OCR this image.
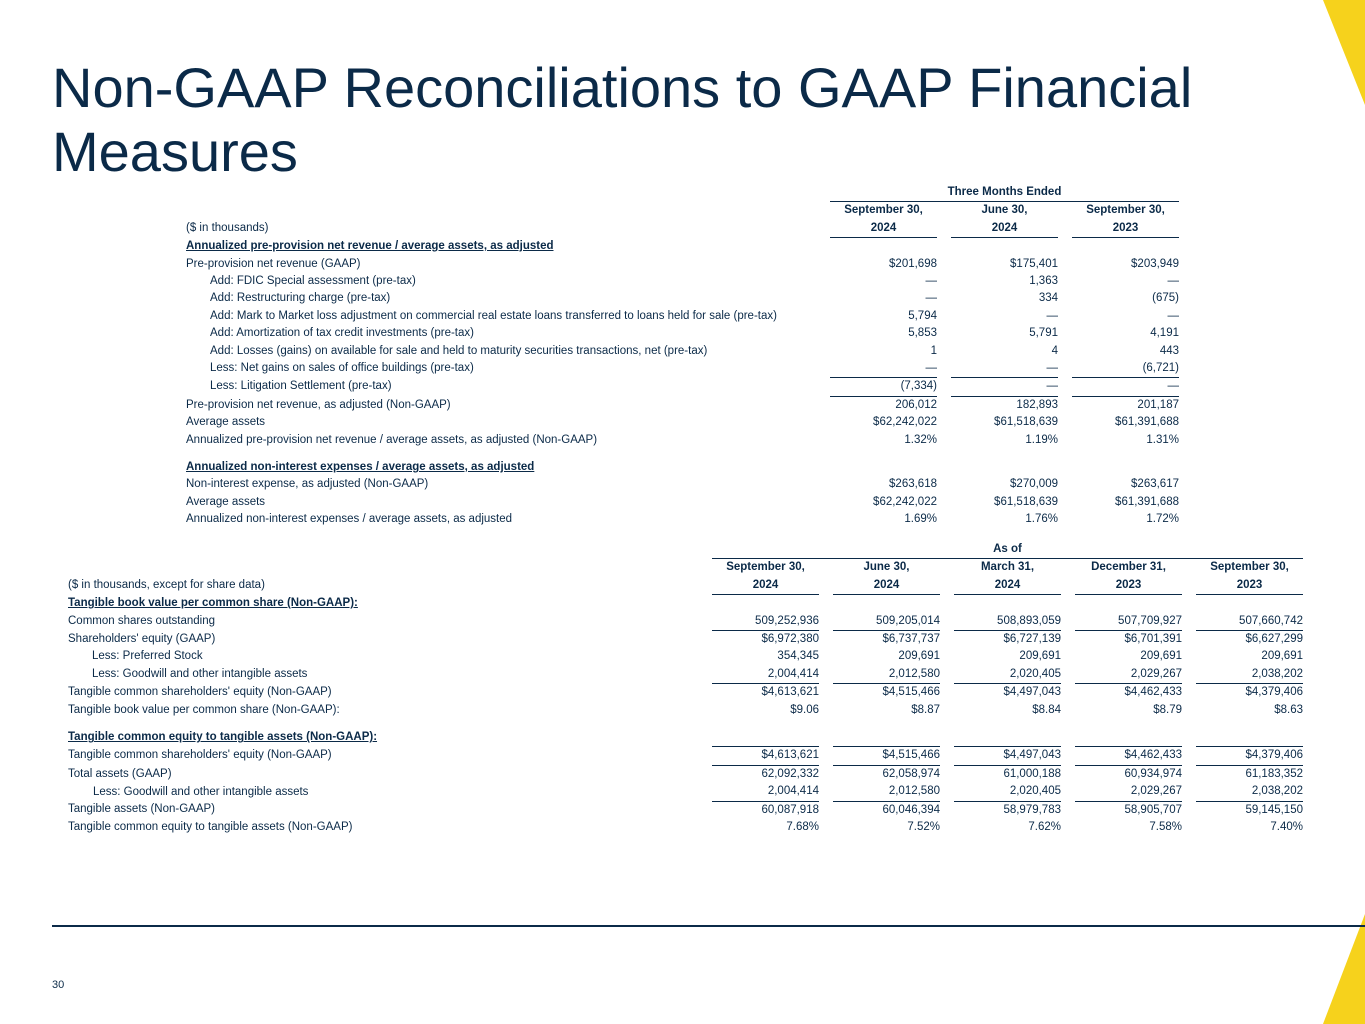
Non-GAAP Reconciliations to GAAP Financial Measures
	Three Months Ended				
	September 30,		June 30,		September 30,
($ in thousands)	2024		2024		2023
Annualized pre-provision net revenue / average assets, as adjusted					
Pre-provision net revenue (GAAP)	$201,698		$175,401		$203,949
Add: FDIC Special assessment (pre-tax)	—		1,363		—
Add: Restructuring charge (pre-tax)	—		334		(675)
Add: Mark to Market loss adjustment on commercial real estate loans transferred to loans held for sale (pre-tax)	5,794		—		—
Add: Amortization of tax credit investments (pre-tax)	5,853		5,791		4,191
Add: Losses (gains) on available for sale and held to maturity securities transactions, net (pre-tax)	1		4		443
Less: Net gains on sales of office buildings (pre-tax)	—		—		(6,721)
Less: Litigation Settlement (pre-tax)	(7,334)		—		—
Pre-provision net revenue, as adjusted (Non-GAAP)	206,012		182,893		201,187
Average assets	$62,242,022		$61,518,639		$61,391,688
Annualized pre-provision net revenue / average assets, as adjusted (Non-GAAP)	1.32%		1.19%		1.31%

Annualized non-interest expenses / average assets, as adjusted					
Non-interest expense, as adjusted (Non-GAAP)	$263,618		$270,009		$263,617
Average assets	$62,242,022		$61,518,639		$61,391,688
Annualized non-interest expenses / average assets, as adjusted	1.69%		1.76%		1.72%
	As of								
	September 30,		June 30,		March 31,		December 31,		September 30,
($ in thousands, except for share data)	2024		2024		2024		2023		2023
Tangible book value per common share (Non-GAAP):									
Common shares outstanding	509,252,936		509,205,014		508,893,059		507,709,927		507,660,742
Shareholders' equity (GAAP)	$6,972,380		$6,737,737		$6,727,139		$6,701,391		$6,627,299
Less: Preferred Stock	354,345		209,691		209,691		209,691		209,691
Less: Goodwill and other intangible assets	2,004,414		2,012,580		2,020,405		2,029,267		2,038,202
Tangible common shareholders' equity (Non-GAAP)	$4,613,621		$4,515,466		$4,497,043		$4,462,433		$4,379,406
Tangible book value per common share (Non-GAAP):	$9.06		$8.87		$8.84		$8.79		$8.63

Tangible common equity to tangible assets (Non-GAAP):									
Tangible common shareholders' equity (Non-GAAP)	$4,613,621		$4,515,466		$4,497,043		$4,462,433		$4,379,406
Total assets (GAAP)	62,092,332		62,058,974		61,000,188		60,934,974		61,183,352
Less: Goodwill and other intangible assets	2,004,414		2,012,580		2,020,405		2,029,267		2,038,202
Tangible assets (Non-GAAP)	60,087,918		60,046,394		58,979,783		58,905,707		59,145,150
Tangible common equity to tangible assets (Non-GAAP)	7.68%		7.52%		7.62%		7.58%		7.40%
30
